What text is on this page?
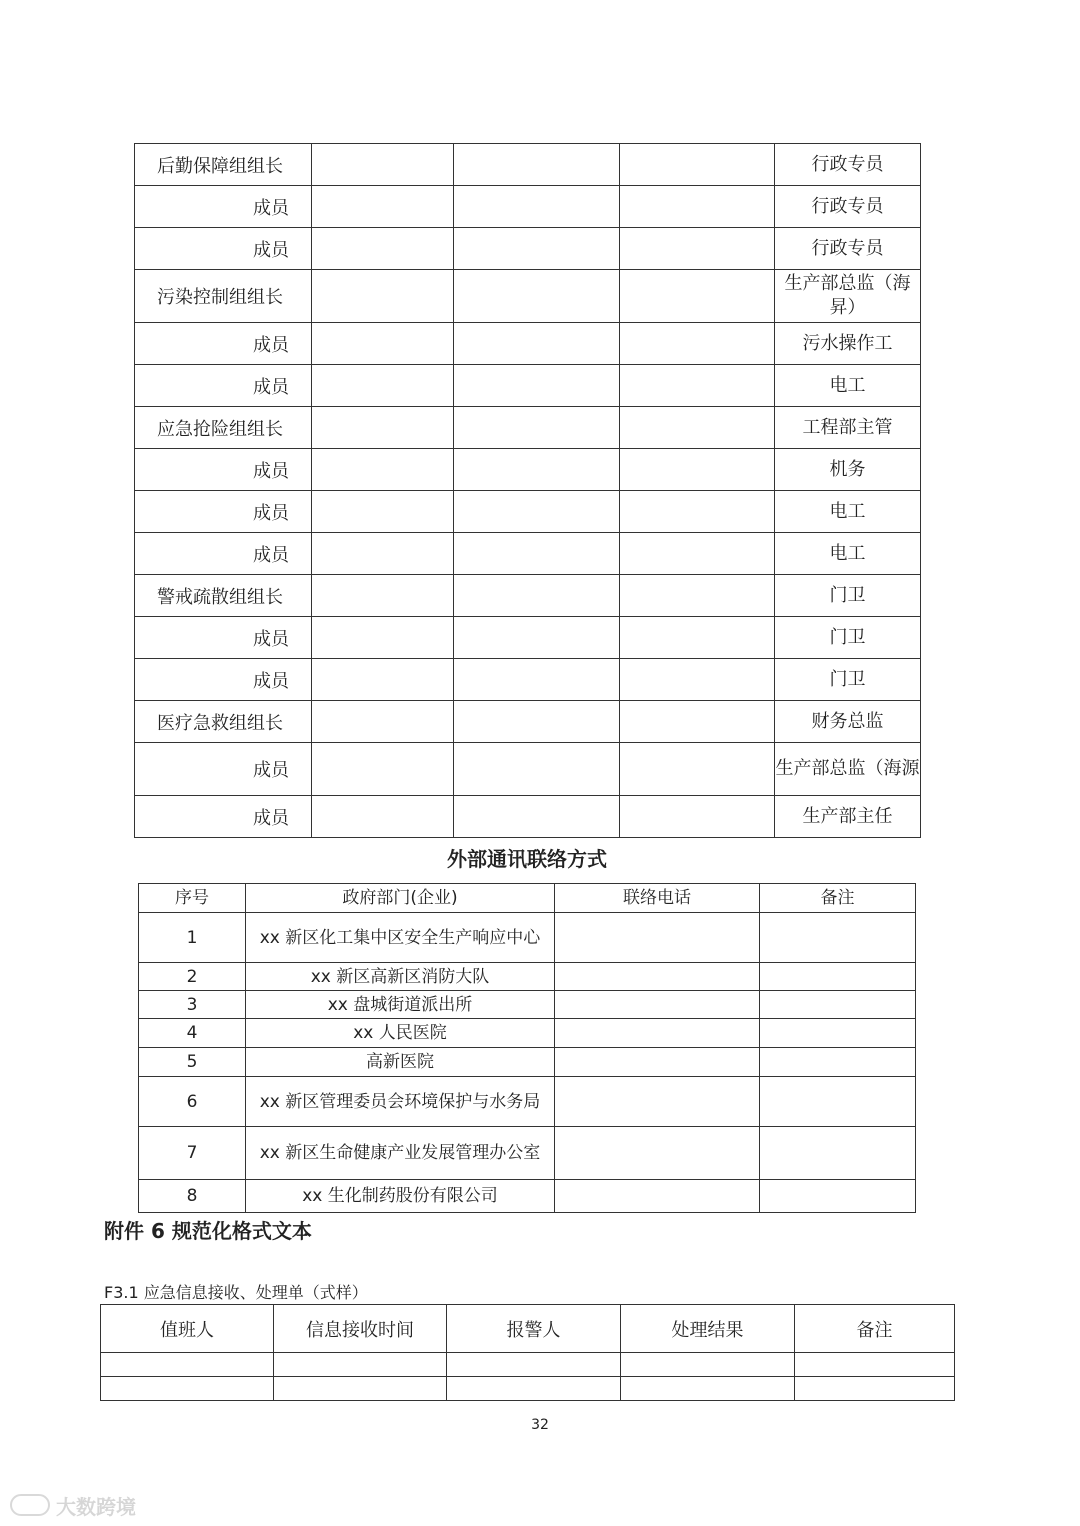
后勤保障组组长				行政专员
成员				行政专员
成员				行政专员
污染控制组组长				生产部总监（海昇）
成员				污水操作工
成员				电工
应急抢险组组长				工程部主管
成员				机务
成员				电工
成员				电工
警戒疏散组组长				门卫
成员				门卫
成员				门卫
医疗急救组组长				财务总监
成员				生产部总监（海源
成员				生产部主任
外部通讯联络方式
序号	政府部门(企业)	联络电话	备注
1	xx 新区化工集中区安全生产响应中心		
2	xx 新区高新区消防大队		
3	xx 盘城街道派出所		
4	xx 人民医院		
5	高新医院		
6	xx 新区管理委员会环境保护与水务局		
7	xx 新区生命健康产业发展管理办公室		
8	xx 生化制药股份有限公司		
附件 6 规范化格式文本
F3.1 应急信息接收、处理单（式样）
值班人	信息接收时间	报警人	处理结果	备注

32
大数跨境
